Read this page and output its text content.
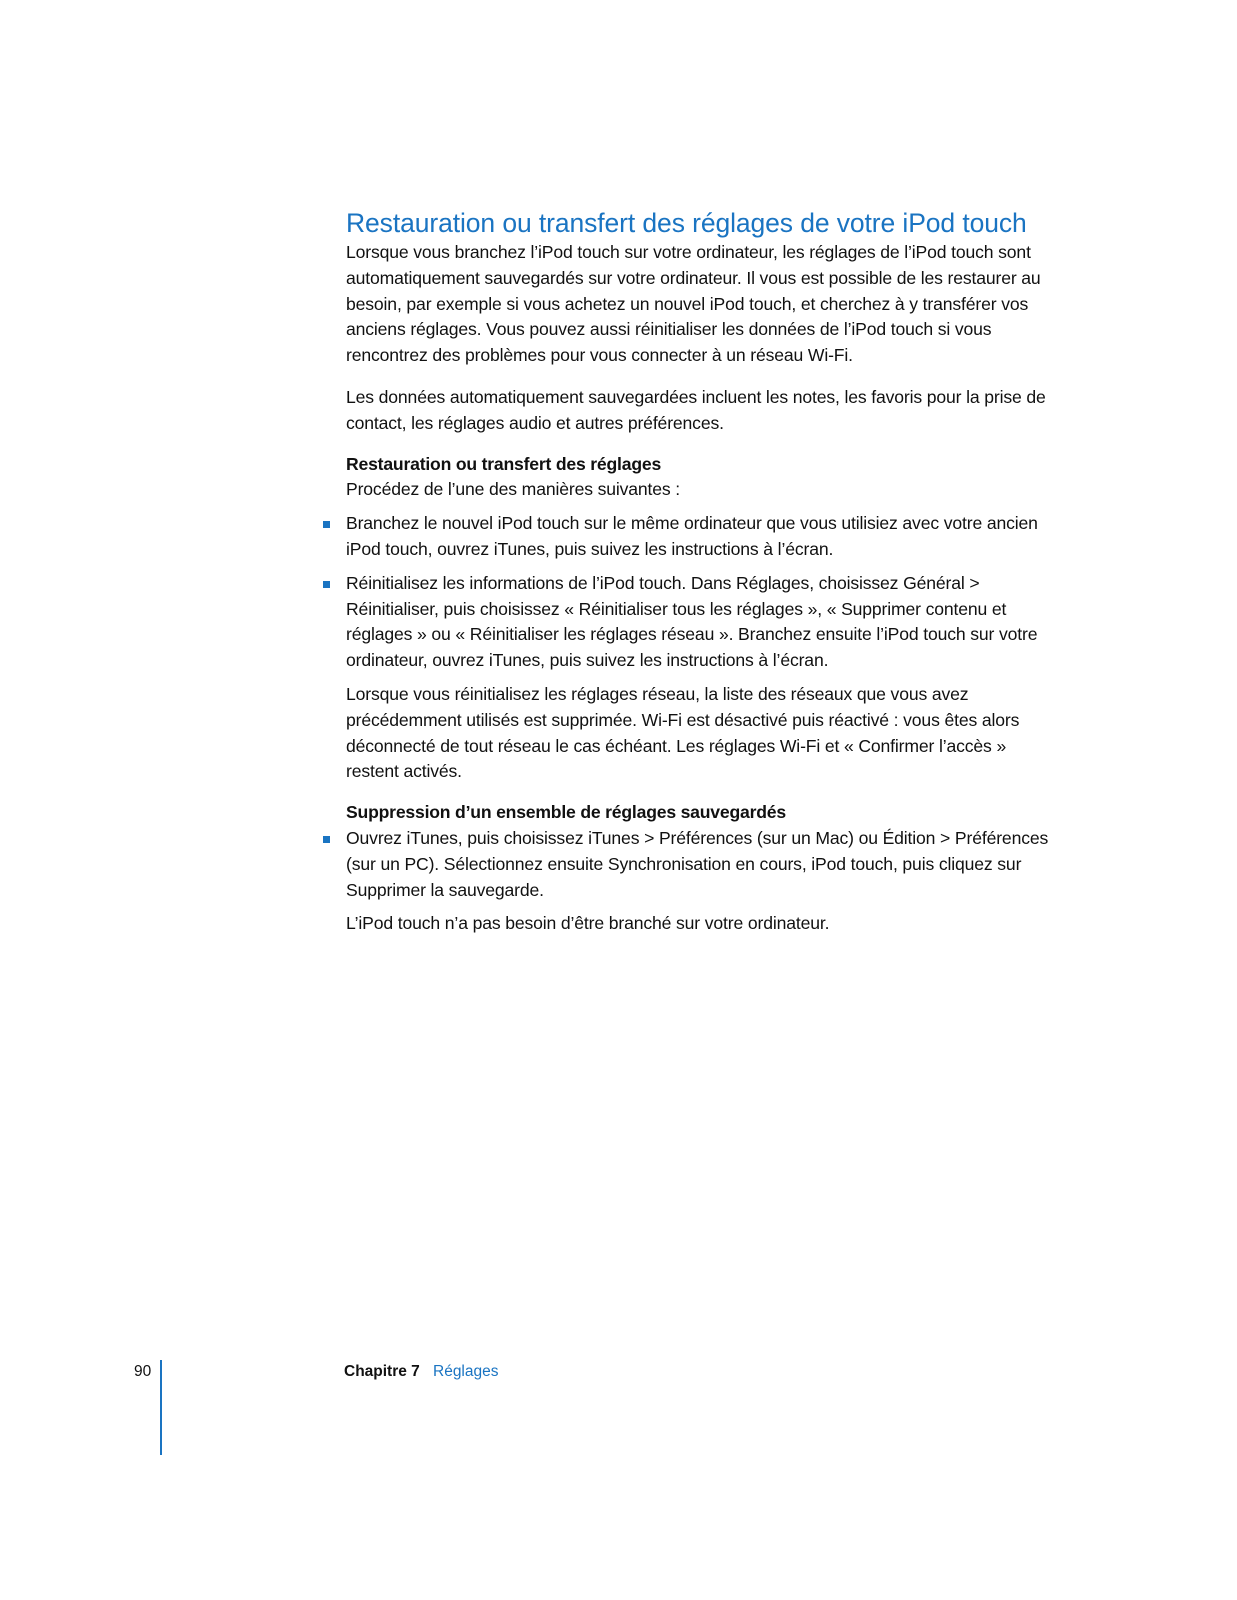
Restauration ou transfert des réglages de votre iPod touch

Lorsque vous branchez l’iPod touch sur votre ordinateur, les réglages de l’iPod touch sont automatiquement sauvegardés sur votre ordinateur. Il vous est possible de les restaurer au besoin, par exemple si vous achetez un nouvel iPod touch, et cherchez à y transférer vos anciens réglages. Vous pouvez aussi réinitialiser les données de l’iPod touch si vous rencontrez des problèmes pour vous connecter à un réseau Wi-Fi.

Les données automatiquement sauvegardées incluent les notes, les favoris pour la prise de contact, les réglages audio et autres préférences.

Restauration ou transfert des réglages

Procédez de l’une des manières suivantes :

Branchez le nouvel iPod touch sur le même ordinateur que vous utilisiez avec votre ancien iPod touch, ouvrez iTunes, puis suivez les instructions à l’écran.
Réinitialisez les informations de l’iPod touch. Dans Réglages, choisissez Général > Réinitialiser, puis choisissez « Réinitialiser tous les réglages », « Supprimer contenu et réglages » ou « Réinitialiser les réglages réseau ». Branchez ensuite l’iPod touch sur votre ordinateur, ouvrez iTunes, puis suivez les instructions à l’écran.

Lorsque vous réinitialisez les réglages réseau, la liste des réseaux que vous avez précédemment utilisés est supprimée. Wi-Fi est désactivé puis réactivé : vous êtes alors déconnecté de tout réseau le cas échéant. Les réglages Wi-Fi et « Confirmer l’accès » restent activés.

Suppression d’un ensemble de réglages sauvegardés
Ouvrez iTunes, puis choisissez iTunes > Préférences (sur un Mac) ou Édition > Préférences (sur un PC). Sélectionnez ensuite Synchronisation en cours, iPod touch, puis cliquez sur Supprimer la sauvegarde.

L’iPod touch n’a pas besoin d’être branché sur votre ordinateur.

90	Chapitre 7 Réglages
